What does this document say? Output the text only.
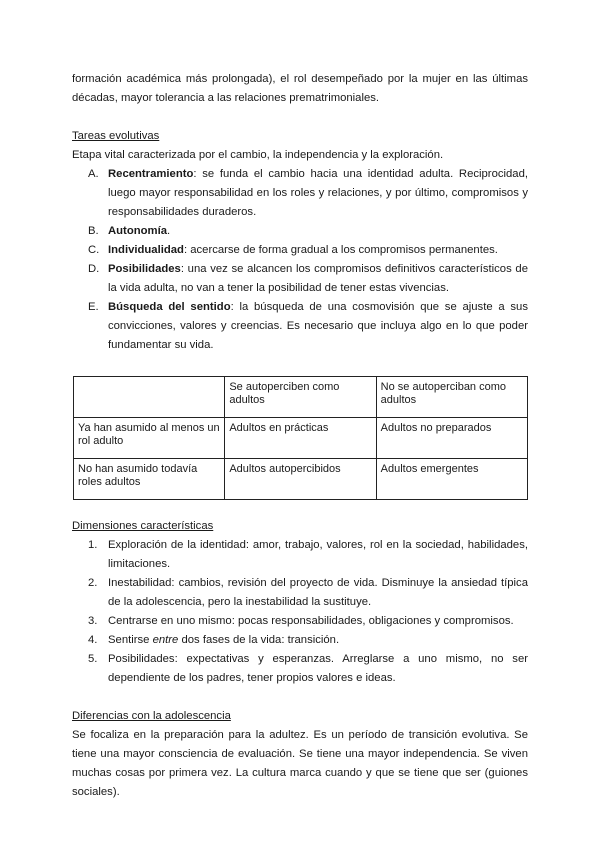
formación académica más prolongada), el rol desempeñado por la mujer en las últimas décadas, mayor tolerancia a las relaciones prematrimoniales.

Tareas evolutivas

Etapa vital caracterizada por el cambio, la independencia y la exploración.

A. Recentramiento: se funda el cambio hacia una identidad adulta. Reciprocidad, luego mayor responsabilidad en los roles y relaciones, y por último, compromisos y responsabilidades duraderos.
B. Autonomía.
C. Individualidad: acercarse de forma gradual a los compromisos permanentes.
D. Posibilidades: una vez se alcancen los compromisos definitivos característicos de la vida adulta, no van a tener la posibilidad de tener estas vivencias.
E. Búsqueda del sentido: la búsqueda de una cosmovisión que se ajuste a sus convicciones, valores y creencias. Es necesario que incluya algo en lo que poder fundamentar su vida.
	Se autoperciben como adultos	No se autoperciban como adultos
Ya han asumido al menos un rol adulto	Adultos en prácticas	Adultos no preparados
No han asumido todavía roles adultos	Adultos autopercibidos	Adultos emergentes

Dimensiones características

1. Exploración de la identidad: amor, trabajo, valores, rol en la sociedad, habilidades, limitaciones.
2. Inestabilidad: cambios, revisión del proyecto de vida. Disminuye la ansiedad típica de la adolescencia, pero la inestabilidad la sustituye.
3. Centrarse en uno mismo: pocas responsabilidades, obligaciones y compromisos.
4. Sentirse entre dos fases de la vida: transición.
5. Posibilidades: expectativas y esperanzas. Arreglarse a uno mismo, no ser dependiente de los padres, tener propios valores e ideas.

Diferencias con la adolescencia

Se focaliza en la preparación para la adultez. Es un período de transición evolutiva. Se tiene una mayor consciencia de evaluación. Se tiene una mayor independencia. Se viven muchas cosas por primera vez. La cultura marca cuando y que se tiene que ser (guiones sociales).
